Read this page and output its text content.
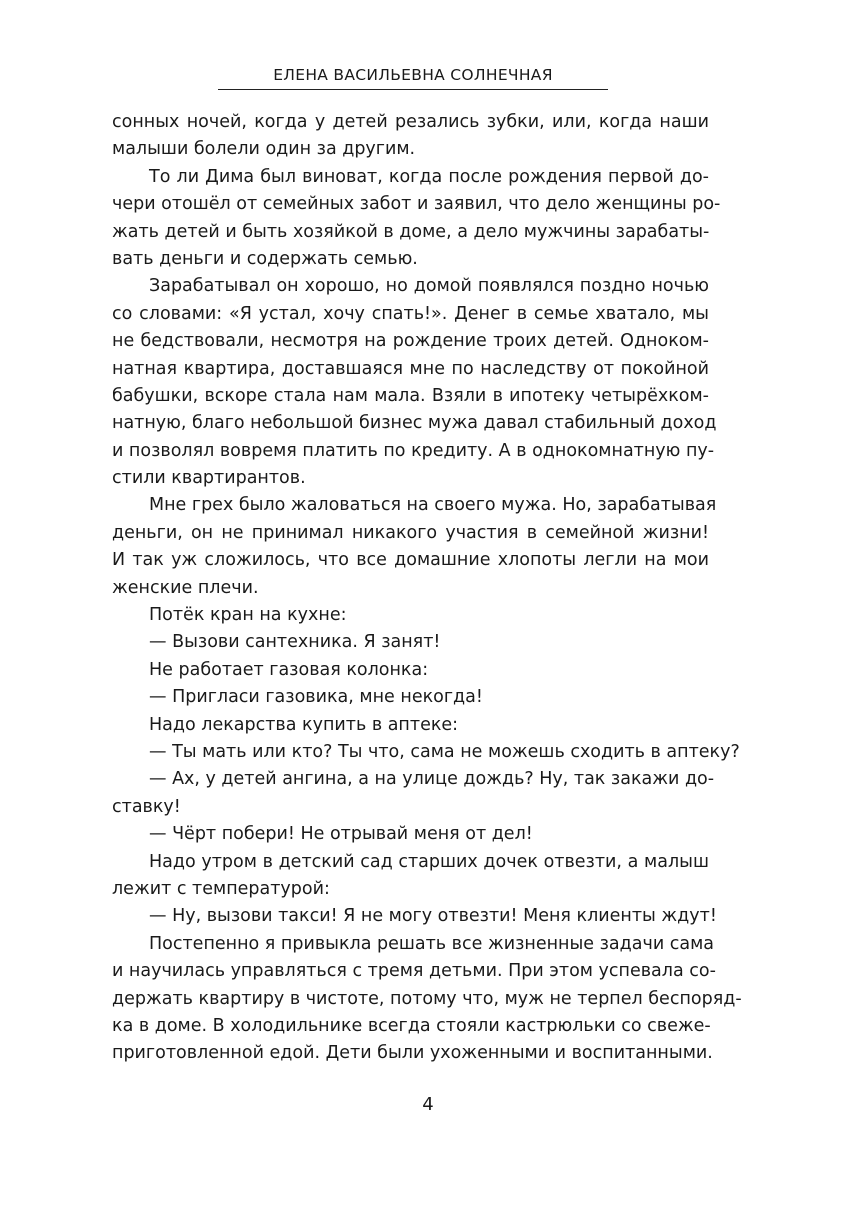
ЕЛЕНА ВАСИЛЬЕВНА СОЛНЕЧНАЯ
сонных ночей, когда у детей резались зубки, или, когда наши
малыши болели один за другим.
То ли Дима был виноват, когда после рождения первой до-
чери отошёл от семейных забот и заявил, что дело женщины ро-
жать детей и быть хозяйкой в доме, а дело мужчины зарабаты-
вать деньги и содержать семью.
Зарабатывал он хорошо, но домой появлялся поздно ночью
со словами: «Я устал, хочу спать!». Денег в семье хватало, мы
не бедствовали, несмотря на рождение троих детей. Одноком-
натная квартира, доставшаяся мне по наследству от покойной
бабушки, вскоре стала нам мала. Взяли в ипотеку четырёхком-
натную, благо небольшой бизнес мужа давал стабильный доход
и позволял вовремя платить по кредиту. А в однокомнатную пу-
стили квартирантов.
Мне грех было жаловаться на своего мужа. Но, зарабатывая
деньги, он не принимал никакого участия в семейной жизни!
И так уж сложилось, что все домашние хлопоты легли на мои
женские плечи.
Потёк кран на кухне:
— Вызови сантехника. Я занят!
Не работает газовая колонка:
— Пригласи газовика, мне некогда!
Надо лекарства купить в аптеке:
— Ты мать или кто? Ты что, сама не можешь сходить в аптеку?
— Ах, у детей ангина, а на улице дождь? Ну, так закажи до-
ставку!
— Чёрт побери! Не отрывай меня от дел!
Надо утром в детский сад старших дочек отвезти, а малыш
лежит с температурой:
— Ну, вызови такси! Я не могу отвезти! Меня клиенты ждут!
Постепенно я привыкла решать все жизненные задачи сама
и научилась управляться с тремя детьми. При этом успевала со-
держать квартиру в чистоте, потому что, муж не терпел беспоряд-
ка в доме. В холодильнике всегда стояли кастрюльки со свеже-
приготовленной едой. Дети были ухоженными и воспитанными.
4
